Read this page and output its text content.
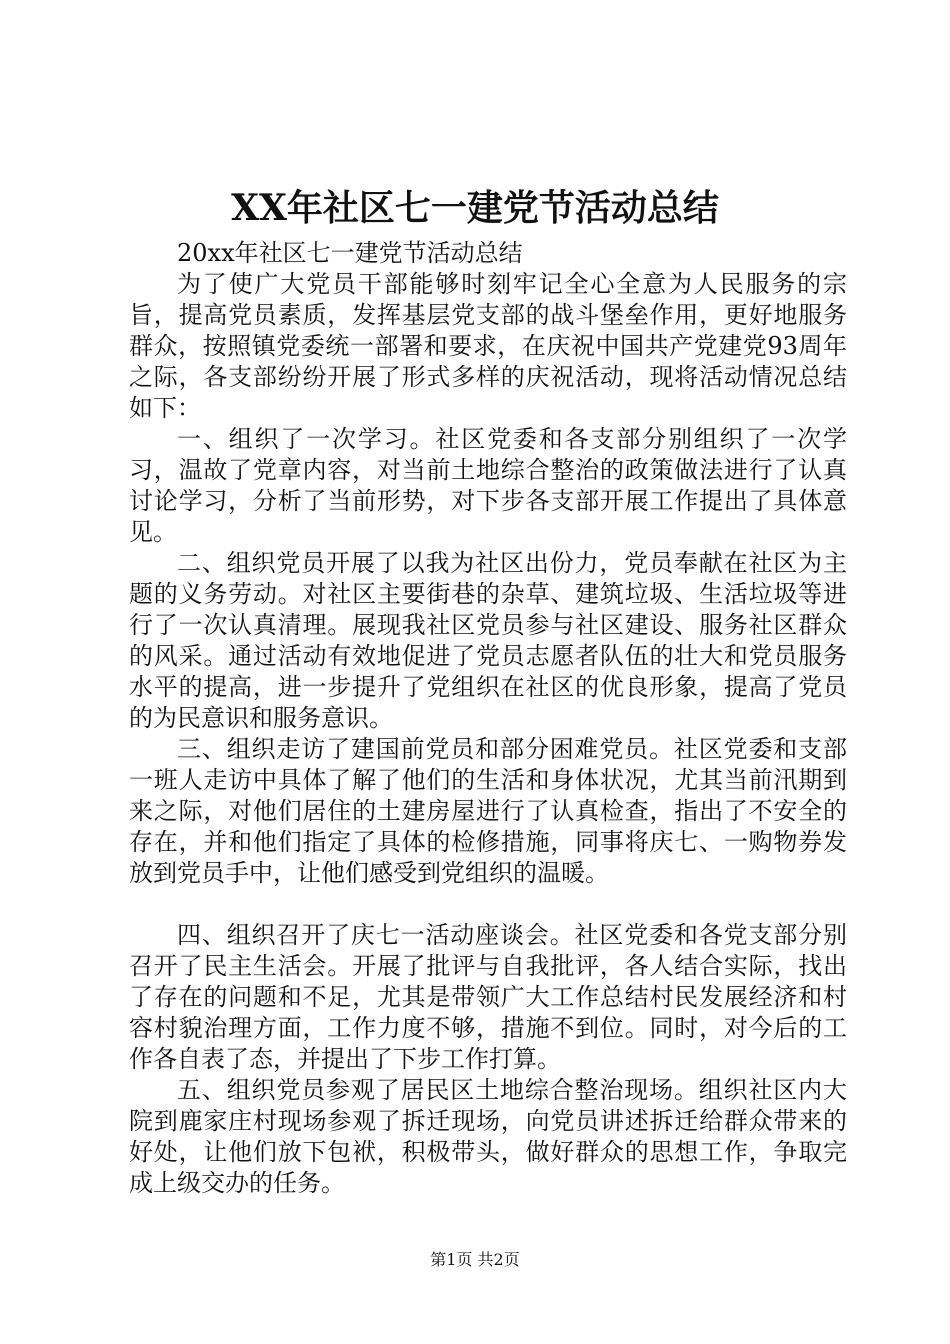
XX年社区七一建党节活动总结

20xx年社区七一建党节活动总结

为了使广大党员干部能够时刻牢记全心全意为人民服务的宗旨，提高党员素质，发挥基层党支部的战斗堡垒作用，更好地服务群众，按照镇党委统一部署和要求，在庆祝中国共产党建党93周年之际，各支部纷纷开展了形式多样的庆祝活动，现将活动情况总结如下：

一、组织了一次学习。社区党委和各支部分别组织了一次学习，温故了党章内容，对当前土地综合整治的政策做法进行了认真讨论学习，分析了当前形势，对下步各支部开展工作提出了具体意见。

二、组织党员开展了以我为社区出份力，党员奉献在社区为主题的义务劳动。对社区主要街巷的杂草、建筑垃圾、生活垃圾等进行了一次认真清理。展现我社区党员参与社区建设、服务社区群众的风采。通过活动有效地促进了党员志愿者队伍的壮大和党员服务水平的提高，进一步提升了党组织在社区的优良形象，提高了党员的为民意识和服务意识。

三、组织走访了建国前党员和部分困难党员。社区党委和支部一班人走访中具体了解了他们的生活和身体状况，尤其当前汛期到来之际，对他们居住的土建房屋进行了认真检查，指出了不安全的存在，并和他们指定了具体的检修措施，同事将庆七、一购物券发放到党员手中，让他们感受到党组织的温暖。

四、组织召开了庆七一活动座谈会。社区党委和各党支部分别召开了民主生活会。开展了批评与自我批评，各人结合实际，找出了存在的问题和不足，尤其是带领广大工作总结村民发展经济和村容村貌治理方面，工作力度不够，措施不到位。同时，对今后的工作各自表了态，并提出了下步工作打算。

五、组织党员参观了居民区土地综合整治现场。组织社区内大院到鹿家庄村现场参观了拆迁现场，向党员讲述拆迁给群众带来的好处，让他们放下包袱，积极带头，做好群众的思想工作，争取完成上级交办的任务。

第1页 共2页
